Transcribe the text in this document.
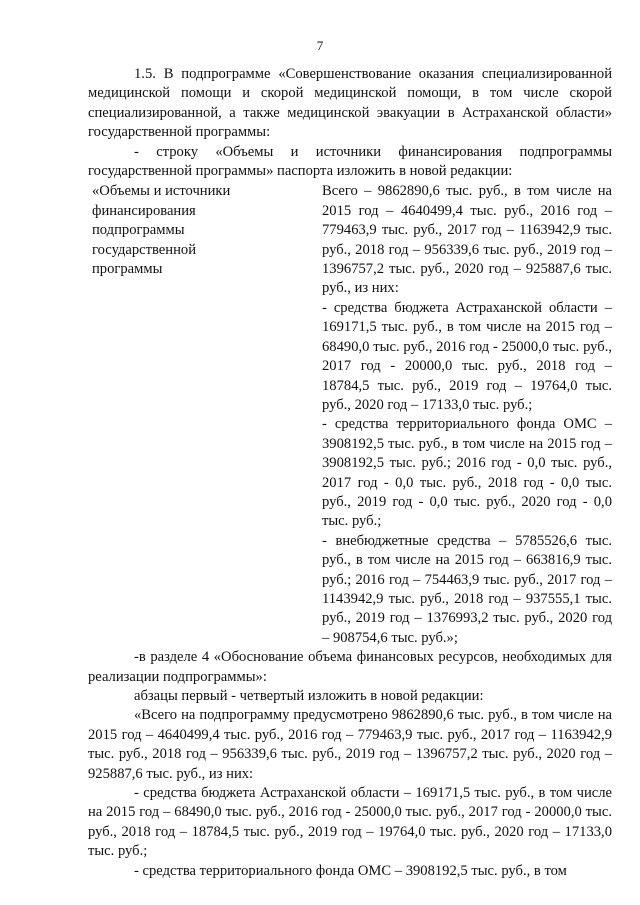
7

1.5. В подпрограмме «Совершенствование оказания специализированной медицинской помощи и скорой медицинской помощи, в том числе скорой специализированной, а также медицинской эвакуации в Астраханской области» государственной программы:

- строку «Объемы и источники финансирования подпрограммы государственной программы» паспорта изложить в новой редакции:

«Объемы и источники финансирования подпрограммы государственной программы

Всего – 9862890,6 тыс. руб., в том числе на 2015 год – 4640499,4 тыс. руб., 2016 год – 779463,9 тыс. руб., 2017 год – 1163942,9 тыс. руб., 2018 год – 956339,6 тыс. руб., 2019 год – 1396757,2 тыс. руб., 2020 год – 925887,6 тыс. руб., из них:

- средства бюджета Астраханской области – 169171,5 тыс. руб., в том числе на 2015 год – 68490,0 тыс. руб., 2016 год - 25000,0 тыс. руб., 2017 год - 20000,0 тыс. руб., 2018 год – 18784,5 тыс. руб., 2019 год – 19764,0 тыс. руб., 2020 год – 17133,0 тыс. руб.;

- средства территориального фонда ОМС – 3908192,5 тыс. руб., в том числе на 2015 год – 3908192,5 тыс. руб.; 2016 год - 0,0 тыс. руб., 2017 год - 0,0 тыс. руб., 2018 год - 0,0 тыс. руб., 2019 год - 0,0 тыс. руб., 2020 год - 0,0 тыс. руб.;

- внебюджетные средства – 5785526,6 тыс. руб., в том числе на 2015 год – 663816,9 тыс. руб.; 2016 год – 754463,9 тыс. руб., 2017 год – 1143942,9 тыс. руб., 2018 год – 937555,1 тыс. руб., 2019 год – 1376993,2 тыс. руб., 2020 год – 908754,6 тыс. руб.»;

-в разделе 4 «Обоснование объема финансовых ресурсов, необходимых для реализации подпрограммы»:

абзацы первый - четвертый изложить в новой редакции:

«Всего на подпрограмму предусмотрено 9862890,6 тыс. руб., в том числе на 2015 год – 4640499,4 тыс. руб., 2016 год – 779463,9 тыс. руб., 2017 год – 1163942,9 тыс. руб., 2018 год – 956339,6 тыс. руб., 2019 год – 1396757,2 тыс. руб., 2020 год – 925887,6 тыс. руб., из них:

- средства бюджета Астраханской области – 169171,5 тыс. руб., в том числе на 2015 год – 68490,0 тыс. руб., 2016 год - 25000,0 тыс. руб., 2017 год - 20000,0 тыс. руб., 2018 год – 18784,5 тыс. руб., 2019 год – 19764,0 тыс. руб., 2020 год – 17133,0 тыс. руб.;

- средства территориального фонда ОМС – 3908192,5 тыс. руб., в том
